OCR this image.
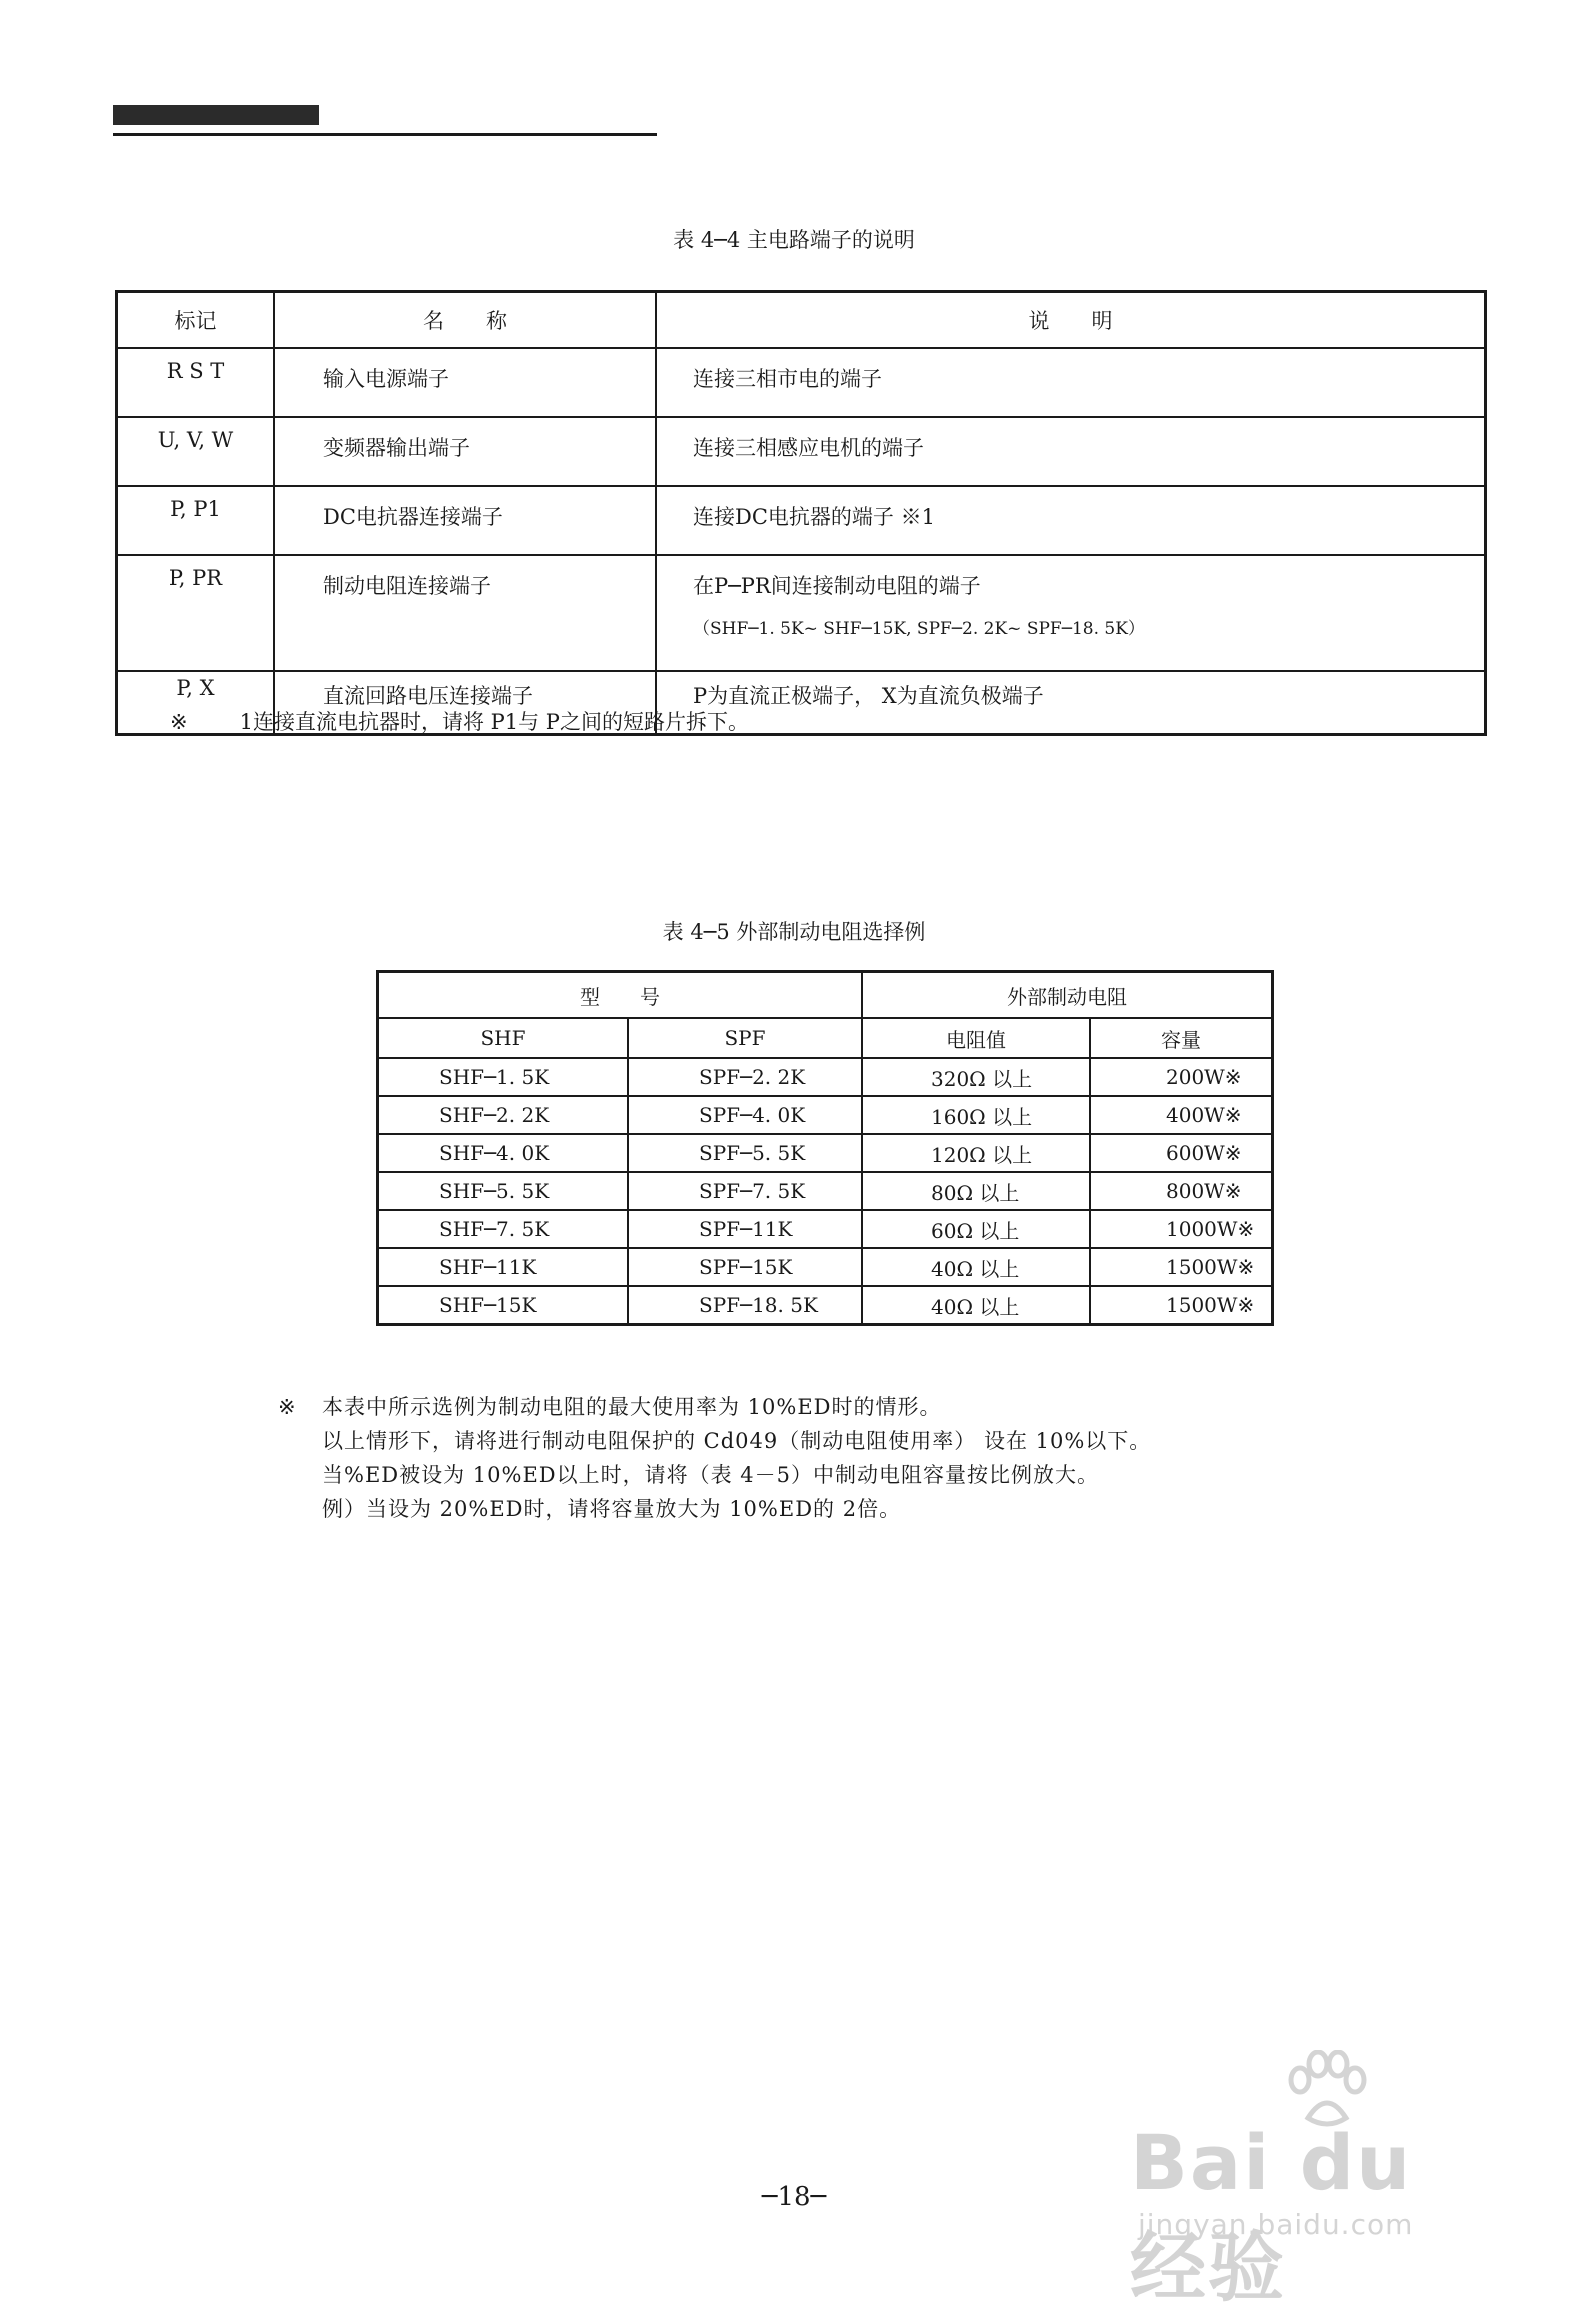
表 4─4 主电路端子的说明
标记	名　　称	说　　明
R S T	输入电源端子	连接三相市电的端子
U, V, W	变频器输出端子	连接三相感应电机的端子
P, P1	DC电抗器连接端子	连接DC电抗器的端子 ※1
P, PR	制动电阻连接端子	在P─PR间连接制动电阻的端子
（SHF─1. 5K~ SHF─15K, SPF─2. 2K~ SPF─18. 5K）

P, X	直流回路电压连接端子	P为直流正极端子， X为直流负极端子
※ 1连接直流电抗器时，请将 P1与 P之间的短路片拆下。
表 4─5 外部制动电阻选择例
型　　号		外部制动电阻	
SHF	SPF	电阻值	容量
SHF─1. 5K	SPF─2. 2K	320Ω 以上	200W※
SHF─2. 2K	SPF─4. 0K	160Ω 以上	400W※
SHF─4. 0K	SPF─5. 5K	120Ω 以上	600W※
SHF─5. 5K	SPF─7. 5K	80Ω 以上	800W※
SHF─7. 5K	SPF─11K	60Ω 以上	1000W※
SHF─11K	SPF─15K	40Ω 以上	1500W※
SHF─15K	SPF─18. 5K	40Ω 以上	1500W※
※ 本表中所示选例为制动电阻的最大使用率为 10%ED时的情形。
以上情形下，请将进行制动电阻保护的 Cd049（制动电阻使用率） 设在 10%以下。
当%ED被设为 10%ED以上时，请将（表 4－5）中制动电阻容量按比例放大。
例）当设为 20%ED时，请将容量放大为 10%ED的 2倍。
─18─	Bai du 经验
jingyan.baidu.com
